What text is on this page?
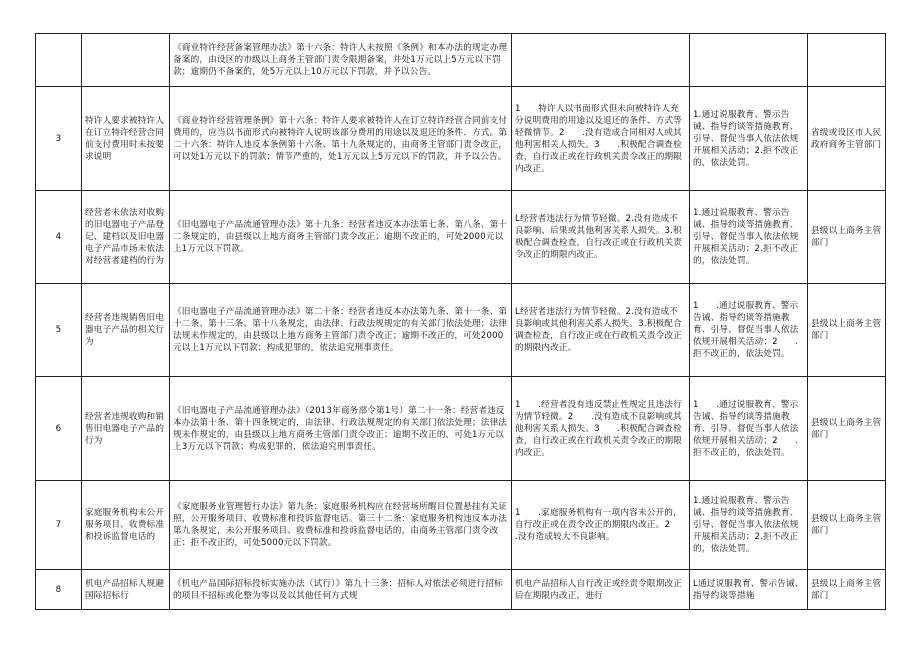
		《商业特许经营备案管理办法》第十六条：特许人未按照《条例》和本办法的规定办理备案的，由设区的市级以上商务主管部门责令限期备案，并处1万元以上5万元以下罚款；逾期仍不备案的，处5万元以上10万元以下罚款，并予以公告。			
3	特许人要求被特许人在订立特许经营合同前支付费用时未按要求说明	《商业特许经营管理条例》第十六条：特许人要求被特许人在订立特许经营合同前支付费用的，应当以书面形式向被特许人说明该部分费用的用途以及退还的条件、方式。第二十六条：特许人违反本条例第十六条、第十九条规定的，由商务主管部门责令改正，可以处1万元以下的罚款；情节严重的，处1万元以上5万元以下的罚款，并予以公告。	1　　特许人以书面形式但未向被特许人充分说明费用的用途以及退还的条件、方式等轻微情节。2　　.没有造成合同相对人或其他利害相关人损失。3　　.积极配合调查检查，自行改正或在行政机关责令改正的期限内改正。	1.通过说服教育、警示告诫、指导约谈等措施教育、引导、督促当事人依法依规开展相关活动；2.拒不改正的，依法处罚。	省级或设区市人民政府商务主管部门
4	经营者未依法对收购的旧电器电子产品登记、建档以及旧电器电子产品市场未依法对经营者建档的行为	《旧电器电子产品流通管理办法》第十九条：经营者违反本办法第七条、第八条、第十二条规定的，由县级以上地方商务主管部门责令改正；逾期不改正的，可处2000元以上1万元以下罚款。	L经营者违法行为情节轻微。2.没有造成不良影响、后果或其他利害关系人损失。3.积极配合调查检查，自行改正或在行政机关责令改正的期限内改正。	1.通过说服教育、警示告诫、指导约谈等措施教育、引导、督促当事人依法依规开展相关活动；2.拒不改正的，依法处罚。	县级以上商务主管部门
5	经营者违规销售旧电器电子产品的相关行为	《旧电器电子产品流通管理办法》第二十条：经营者违反本办法第九条、第十一条、第十二条、第十三条、第十八条规定，由法律、行政法规规定的有关部门依法处理；法律法规未作规定的，由县级以上地方商务主管部门责令改正；逾期不改正的，可处2000元以上1万元以下罚款；构成犯罪的，依法追究刑事责任。	L经营者违法行为情节轻微。2.没有造成不良影响或其他利害关系人损失。3.积极配合调查检查，自行改正或在行政机关责令改正的期限内改正。	1　　.通过说服教育、警示告诫、指导约谈等措施教育、引导、督促当事人依法依规开展相关活动；2　　.拒不改正的，依法处罚。	县级以上商务主管部门
6	经营者违规收购和销售旧电器电子产品的行为	《旧电器电子产品流通管理办法》（2013年商务部令第1号）第二十一条：经营者违反本办法第十条、第十四条规定的，由法律、行政法规规定的有关部门依法处理；法律法规未作规定的，由县级以上地方商务主管部门责令改正；逾期不改正的，可处1万元以上3万元以下罚款；构成犯罪的，依法追究刑事责任。	1　　.经营者没有违反禁止性规定且违法行为情节轻微。2　　.没有造成不良影响或其他利害关系人损失。3　　.积极配合调查检查，自行改正或在行政机关责令改正的期限内改正。	1　　.通过说服教育、警示告诫、指导约谈等措施教育、引导、督促当事人依法依规开展相关活动；2　　.拒不改正的，依法处罚。	县级以上商务主管部门
7	家庭服务机构未公开服务项目、收费标准和投诉监督电话的	《家庭服务业管理暂行办法》第九条：家庭服务机构应在经营场所醒目位置悬挂有关证照，公开服务项目、收费标准和投诉监督电话。第三十二条：家庭服务机构违反本办法第九条规定，未公开服务项目、收费标准和投诉监督电话的，由商务主管部门责令改正；拒不改正的，可处5000元以下罚款。	1　　.家庭服务机构有一项内容未公开的，自行改正或在责令改正的期限内改正。2　　.没有造成较大不良影响。	1.通过说服教育、警示告诫、指导约谈等措施教育、引导、督促当事人依法依规开展相关活动；2.拒不改正的，依法处罚。	县级以上商务主管部门
8	机电产品招标人规避国际招标行	《机电产品国际招标投标实施办法（试行）》第九十三条：招标人对依法必须进行招标的项目不招标或化整为零以及以其他任何方式规	机电产品招标人自行改正或经责令限期改正后在期限内改正，进行	L通过说服教育、警示告诫、指导约谈等措施	县级以上商务主管部门
